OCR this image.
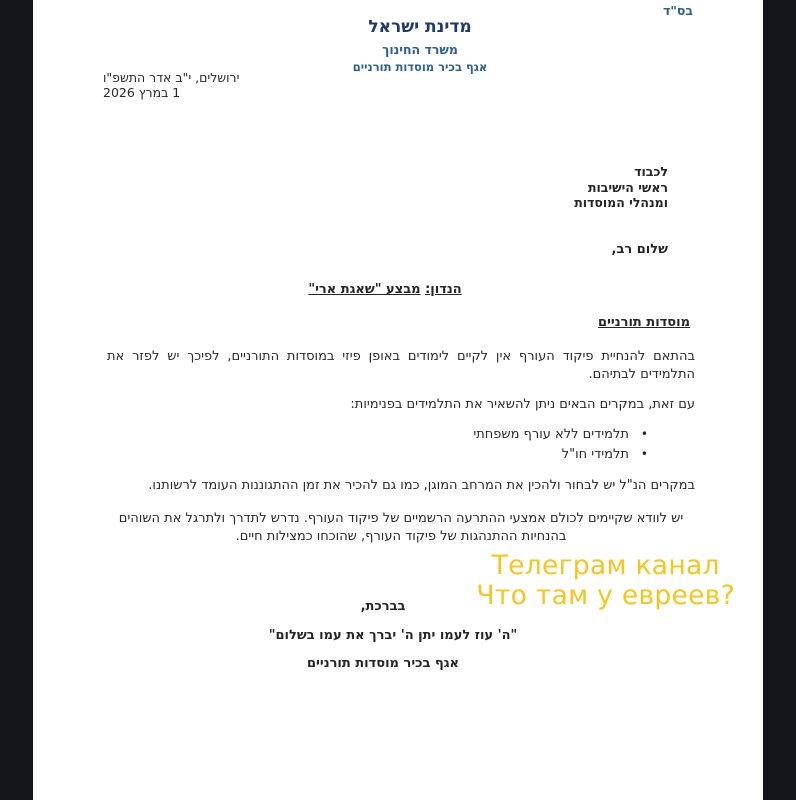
בס"ד
מדינת ישראל
משרד החינוך
אגף בכיר מוסדות תורניים
ירושלים, י"ב אדר התשפ"ו
1 במרץ 2026
לכבוד
ראשי הישיבות
ומנהלי המוסדות
שלום רב,
הנדון: מבצע "שאגת ארי"
מוסדות תורניים
בהתאם להנחיית פיקוד העורף אין לקיים לימודים באופן פיזי במוסדות התורניים, לפיכך יש לפזר את התלמידים לבתיהם.
עם זאת, במקרים הבאים ניתן להשאיר את התלמידים בפנימיות:
• תלמידים ללא עורף משפחתי
• תלמידי חו"ל
במקרים הנ"ל יש לבחור ולהכין את המרחב המוגן, כמו גם להכיר את זמן ההתגוננות העומד לרשותנו.
יש לוודא שקיימים לכולם אמצעי ההתרעה הרשמיים של פיקוד העורף. נדרש לתדרך ולתרגל את השוהים בהנחיות ההתנהגות של פיקוד העורף, שהוכחו כמצילות חיים.
בברכת,
"ה' עוז לעמו יתן ה' יברך את עמו בשלום"
אגף בכיר מוסדות תורניים
Телеграм канал
Что там у евреев?
